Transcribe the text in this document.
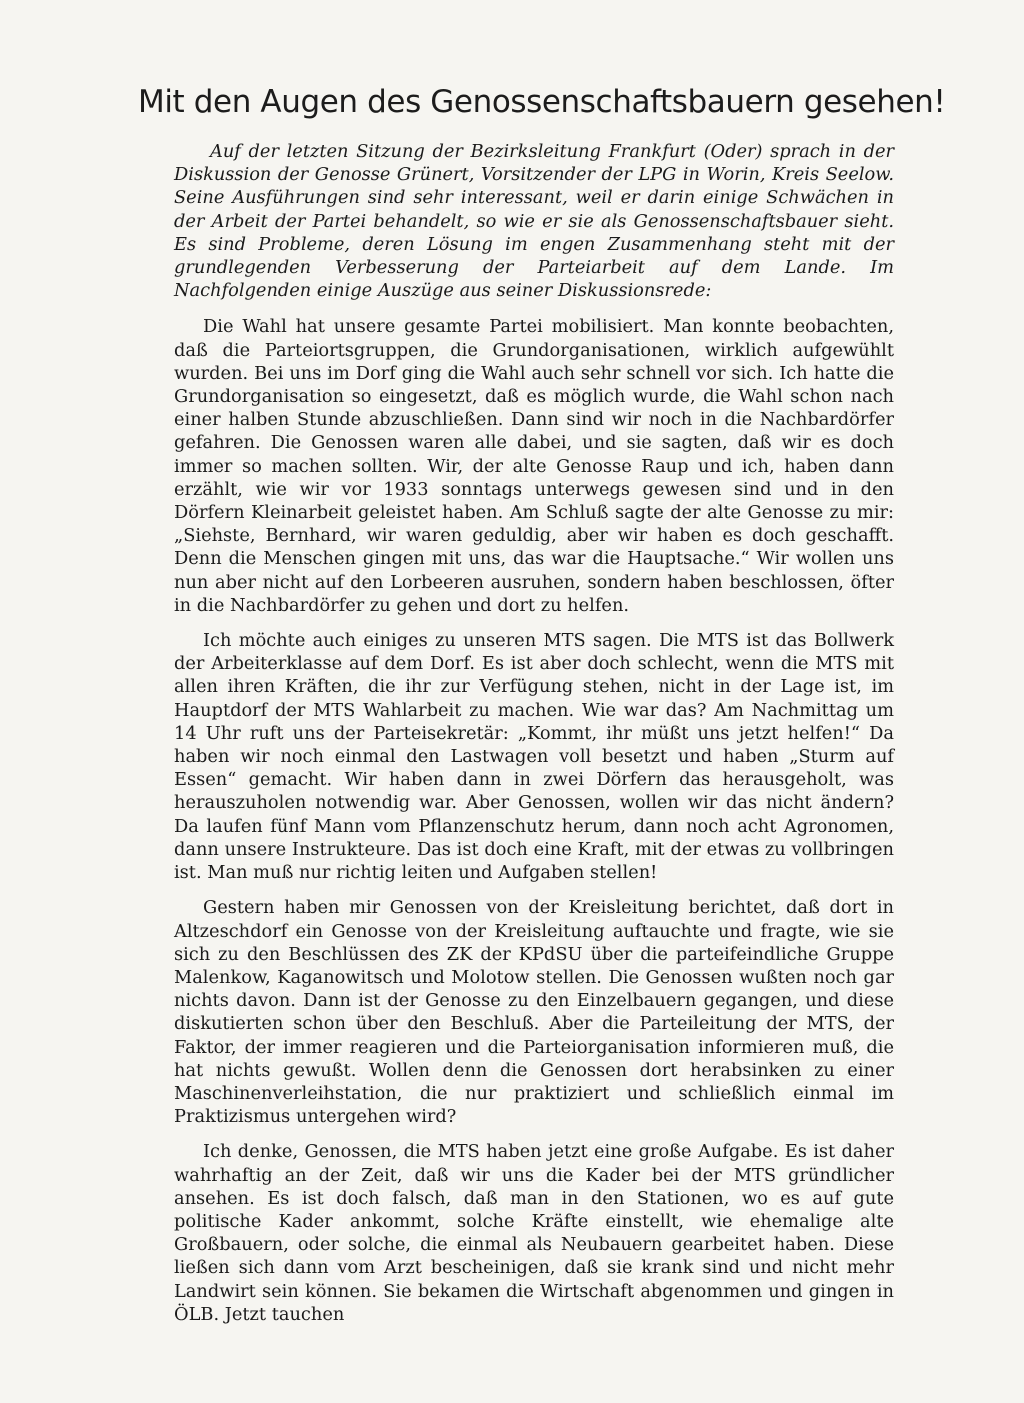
Mit den Augen des Genossenschaftsbauern gesehen!

Auf der letzten Sitzung der Bezirksleitung Frankfurt (Oder) sprach in der Diskussion der Genosse Grünert, Vorsitzender der LPG in Worin, Kreis Seelow. Seine Ausführungen sind sehr interessant, weil er darin einige Schwächen in der Arbeit der Partei behandelt, so wie er sie als Genossenschaftsbauer sieht. Es sind Probleme, deren Lösung im engen Zusammenhang steht mit der grundlegenden Verbesserung der Parteiarbeit auf dem Lande. Im Nachfolgenden einige Auszüge aus seiner Diskussionsrede:

Die Wahl hat unsere gesamte Partei mobilisiert. Man konnte beobachten, daß die Parteiortsgruppen, die Grundorganisationen, wirklich aufgewühlt wurden. Bei uns im Dorf ging die Wahl auch sehr schnell vor sich. Ich hatte die Grundorganisation so eingesetzt, daß es möglich wurde, die Wahl schon nach einer halben Stunde abzuschließen. Dann sind wir noch in die Nachbardörfer gefahren. Die Genossen waren alle dabei, und sie sagten, daß wir es doch immer so machen sollten. Wir, der alte Genosse Raup und ich, haben dann erzählt, wie wir vor 1933 sonntags unterwegs gewesen sind und in den Dörfern Kleinarbeit geleistet haben. Am Schluß sagte der alte Genosse zu mir: „Siehste, Bernhard, wir waren geduldig, aber wir haben es doch geschafft. Denn die Menschen gingen mit uns, das war die Hauptsache.“ Wir wollen uns nun aber nicht auf den Lorbeeren ausruhen, sondern haben beschlossen, öfter in die Nachbardörfer zu gehen und dort zu helfen.

Ich möchte auch einiges zu unseren MTS sagen. Die MTS ist das Bollwerk der Arbeiterklasse auf dem Dorf. Es ist aber doch schlecht, wenn die MTS mit allen ihren Kräften, die ihr zur Verfügung stehen, nicht in der Lage ist, im Hauptdorf der MTS Wahlarbeit zu machen. Wie war das? Am Nachmittag um 14 Uhr ruft uns der Parteisekretär: „Kommt, ihr müßt uns jetzt helfen!“ Da haben wir noch einmal den Lastwagen voll besetzt und haben „Sturm auf Essen“ gemacht. Wir haben dann in zwei Dörfern das herausgeholt, was herauszuholen notwendig war. Aber Genossen, wollen wir das nicht ändern? Da laufen fünf Mann vom Pflanzenschutz herum, dann noch acht Agronomen, dann unsere Instrukteure. Das ist doch eine Kraft, mit der etwas zu vollbringen ist. Man muß nur richtig leiten und Aufgaben stellen!

Gestern haben mir Genossen von der Kreisleitung berichtet, daß dort in Altzeschdorf ein Genosse von der Kreisleitung auftauchte und fragte, wie sie sich zu den Beschlüssen des ZK der KPdSU über die parteifeindliche Gruppe Malenkow, Kaganowitsch und Molotow stellen. Die Genossen wußten noch gar nichts davon. Dann ist der Genosse zu den Einzelbauern gegangen, und diese diskutierten schon über den Beschluß. Aber die Parteileitung der MTS, der Faktor, der immer reagieren und die Parteiorganisation informieren muß, die hat nichts gewußt. Wollen denn die Genossen dort herabsinken zu einer Maschinenverleihstation, die nur praktiziert und schließlich einmal im Praktizismus untergehen wird?

Ich denke, Genossen, die MTS haben jetzt eine große Aufgabe. Es ist daher wahrhaftig an der Zeit, daß wir uns die Kader bei der MTS gründlicher ansehen. Es ist doch falsch, daß man in den Stationen, wo es auf gute politische Kader ankommt, solche Kräfte einstellt, wie ehemalige alte Großbauern, oder solche, die einmal als Neubauern gearbeitet haben. Diese ließen sich dann vom Arzt bescheinigen, daß sie krank sind und nicht mehr Landwirt sein können. Sie bekamen die Wirtschaft abgenommen und gingen in ÖLB. Jetzt tauchen
